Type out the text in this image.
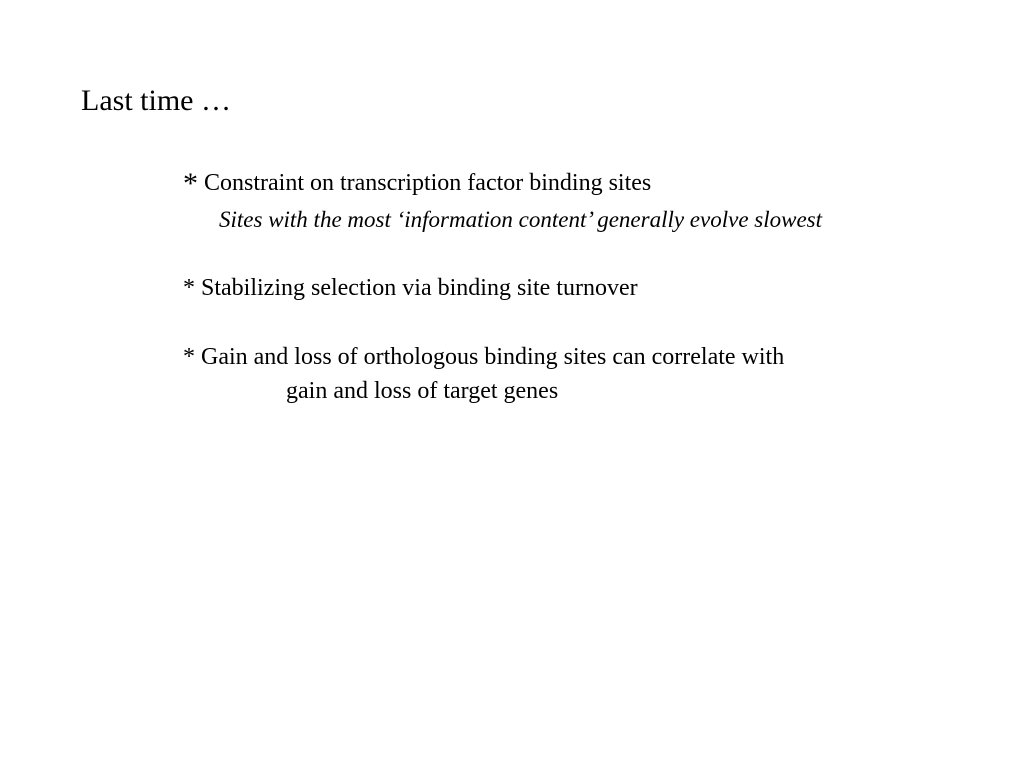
Last time …
* Constraint on transcription factor binding sites
Sites with the most ‘information content’ generally evolve slowest
* Stabilizing selection via binding site turnover
* Gain and loss of orthologous binding sites can correlate with
gain and loss of target genes
